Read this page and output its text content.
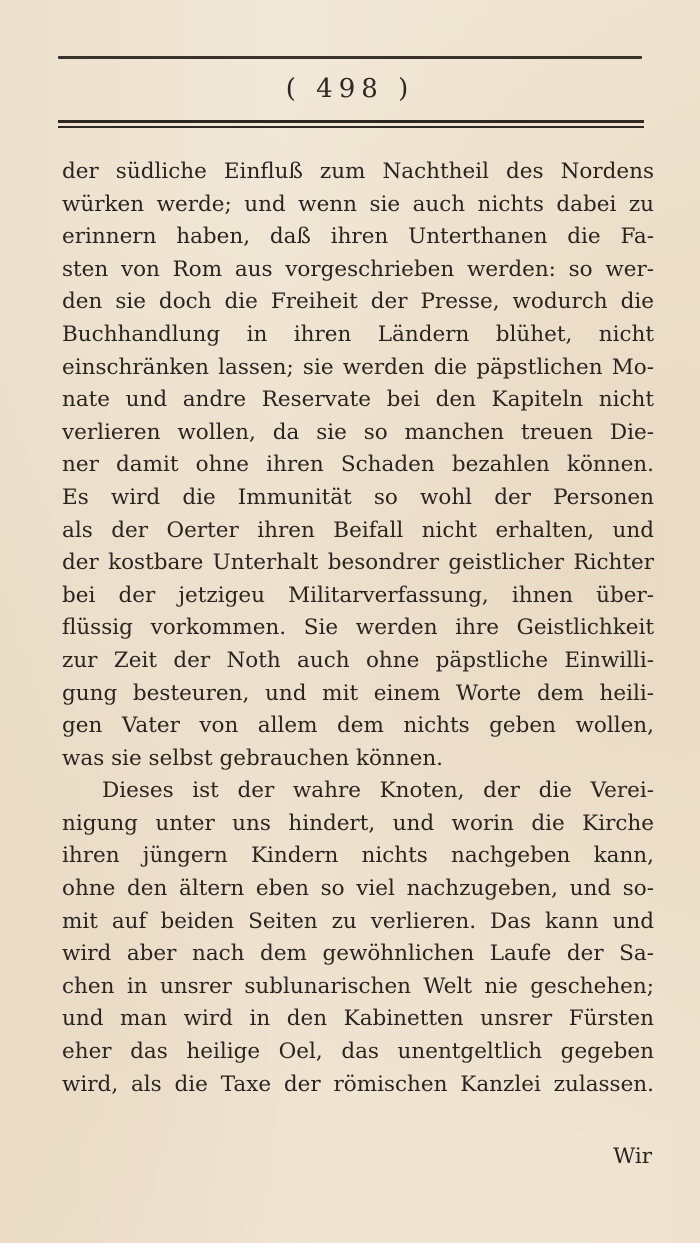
( 498 )
der südliche Einfluß zum Nachtheil des Nordens
würken werde; und wenn sie auch nichts dabei zu
erinnern haben, daß ihren Unterthanen die Fa-
sten von Rom aus vorgeschrieben werden: so wer-
den sie doch die Freiheit der Presse, wodurch die
Buchhandlung in ihren Ländern blühet, nicht
einschränken lassen; sie werden die päpstlichen Mo-
nate und andre Reservate bei den Kapiteln nicht
verlieren wollen, da sie so manchen treuen Die-
ner damit ohne ihren Schaden bezahlen können.
Es wird die Immunität so wohl der Personen
als der Oerter ihren Beifall nicht erhalten, und
der kostbare Unterhalt besondrer geistlicher Richter
bei der jetzigeu Militarverfassung, ihnen über-
flüssig vorkommen. Sie werden ihre Geistlichkeit
zur Zeit der Noth auch ohne päpstliche Einwilli-
gung besteuren, und mit einem Worte dem heili-
gen Vater von allem dem nichts geben wollen,
was sie selbst gebrauchen können.
Dieses ist der wahre Knoten, der die Verei-
nigung unter uns hindert, und worin die Kirche
ihren jüngern Kindern nichts nachgeben kann,
ohne den ältern eben so viel nachzugeben, und so-
mit auf beiden Seiten zu verlieren. Das kann und
wird aber nach dem gewöhnlichen Laufe der Sa-
chen in unsrer sublunarischen Welt nie geschehen;
und man wird in den Kabinetten unsrer Fürsten
eher das heilige Oel, das unentgeltlich gegeben
wird, als die Taxe der römischen Kanzlei zulassen.
Wir
